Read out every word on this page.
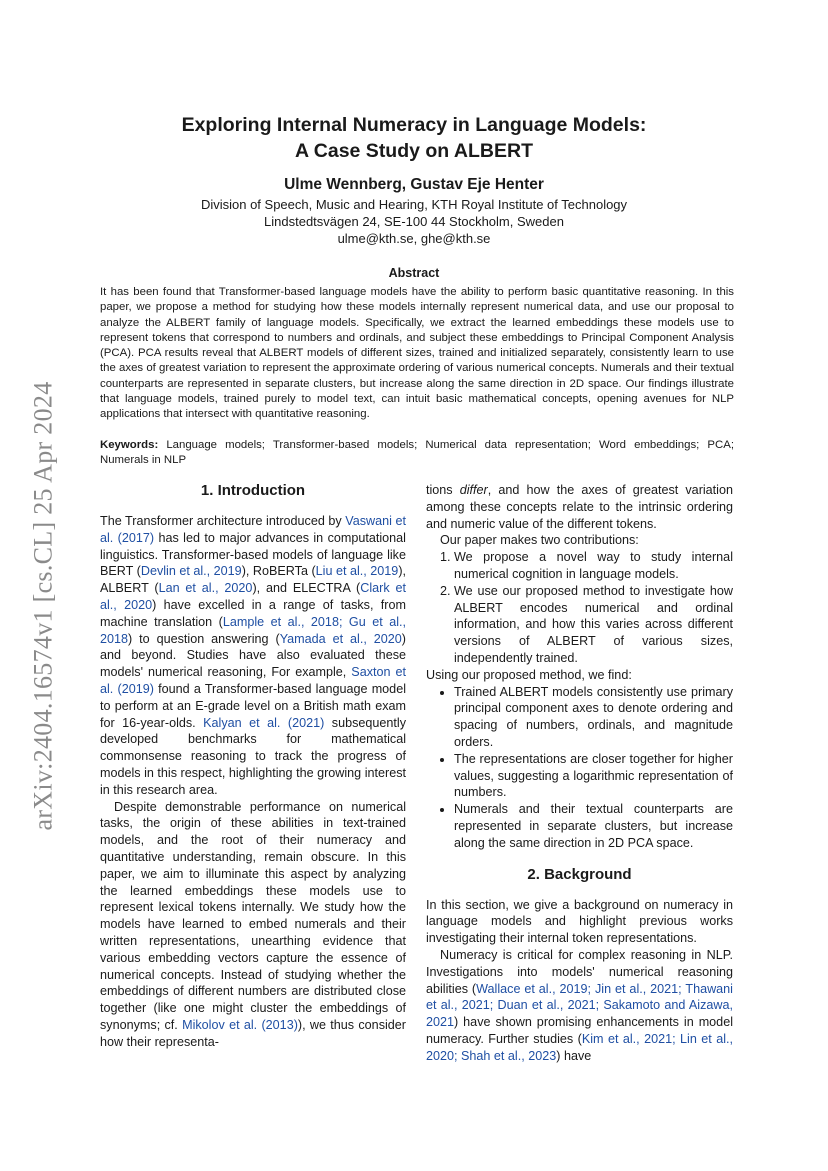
arXiv:2404.16574v1 [cs.CL] 25 Apr 2024
Exploring Internal Numeracy in Language Models:
A Case Study on ALBERT
Ulme Wennberg, Gustav Eje Henter
Division of Speech, Music and Hearing, KTH Royal Institute of Technology
Lindstedtsvägen 24, SE-100 44 Stockholm, Sweden
ulme@kth.se, ghe@kth.se
Abstract
It has been found that Transformer-based language models have the ability to perform basic quantitative reasoning. In this paper, we propose a method for studying how these models internally represent numerical data, and use our proposal to analyze the ALBERT family of language models. Specifically, we extract the learned embeddings these models use to represent tokens that correspond to numbers and ordinals, and subject these embeddings to Principal Component Analysis (PCA). PCA results reveal that ALBERT models of different sizes, trained and initialized separately, consistently learn to use the axes of greatest variation to represent the approximate ordering of various numerical concepts. Numerals and their textual counterparts are represented in separate clusters, but increase along the same direction in 2D space. Our findings illustrate that language models, trained purely to model text, can intuit basic mathematical concepts, opening avenues for NLP applications that intersect with quantitative reasoning.
Keywords: Language models; Transformer-based models; Numerical data representation; Word embeddings; PCA; Numerals in NLP
1. Introduction

The Transformer architecture introduced by Vaswani et al. (2017) has led to major advances in computational linguistics. Transformer-based models of language like BERT (Devlin et al., 2019), RoBERTa (Liu et al., 2019), ALBERT (Lan et al., 2020), and ELECTRA (Clark et al., 2020) have excelled in a range of tasks, from machine translation (Lample et al., 2018; Gu et al., 2018) to question answering (Yamada et al., 2020) and beyond. Studies have also evaluated these models' numerical reasoning, For example, Saxton et al. (2019) found a Transformer-based language model to perform at an E-grade level on a British math exam for 16-year-olds. Kalyan et al. (2021) subsequently developed benchmarks for mathematical commonsense reasoning to track the progress of models in this respect, highlighting the growing interest in this research area.

Despite demonstrable performance on numerical tasks, the origin of these abilities in text-trained models, and the root of their numeracy and quantitative understanding, remain obscure. In this paper, we aim to illuminate this aspect by analyzing the learned embeddings these models use to represent lexical tokens internally. We study how the models have learned to embed numerals and their written representations, unearthing evidence that various embedding vectors capture the essence of numerical concepts. Instead of studying whether the embeddings of different numbers are distributed close together (like one might cluster the embeddings of synonyms; cf. Mikolov et al. (2013)), we thus consider how their representa-

tions differ, and how the axes of greatest variation among these concepts relate to the intrinsic ordering and numeric value of the different tokens.

Our paper makes two contributions:

1. We propose a novel way to study internal numerical cognition in language models.
2. We use our proposed method to investigate how ALBERT encodes numerical and ordinal information, and how this varies across different versions of ALBERT of various sizes, independently trained.

Using our proposed method, we find:

• Trained ALBERT models consistently use primary principal component axes to denote ordering and spacing of numbers, ordinals, and magnitude orders.
• The representations are closer together for higher values, suggesting a logarithmic representation of numbers.
• Numerals and their textual counterparts are represented in separate clusters, but increase along the same direction in 2D PCA space.
2. Background

In this section, we give a background on numeracy in language models and highlight previous works investigating their internal token representations.

Numeracy is critical for complex reasoning in NLP. Investigations into models' numerical reasoning abilities (Wallace et al., 2019; Jin et al., 2021; Thawani et al., 2021; Duan et al., 2021; Sakamoto and Aizawa, 2021) have shown promising enhancements in model numeracy. Further studies (Kim et al., 2021; Lin et al., 2020; Shah et al., 2023) have
